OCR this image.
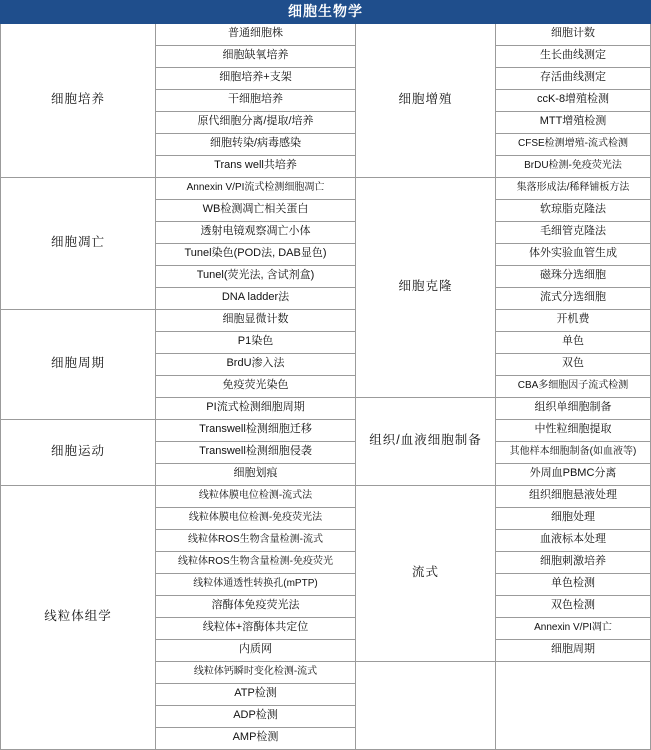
细胞生物学			
细胞培养	普通细胞株	细胞增殖	细胞计数
	细胞缺氧培养		生长曲线测定
	细胞培养+支架		存活曲线测定
	干细胞培养		ccK-8增殖检测
	原代细胞分离/提取/培养		MTT增殖检测
	细胞转染/病毒感染		CFSE检测增殖-流式检测
	Trans well共培养		BrDU检测-免疫荧光法
细胞凋亡	Annexin V/PI流式检测细胞凋亡	细胞克隆	集落形成法/稀释铺板方法
	WB检测凋亡相关蛋白		软琼脂克隆法
	透射电镜观察凋亡小体		毛细管克隆法
	Tunel染色(POD法, DAB显色)		体外实验血管生成
	Tunel(荧光法, 含试剂盒)		磁珠分选细胞
	DNA ladder法		流式分选细胞
细胞周期	细胞显微计数		开机费
	P1染色		单色
	BrdU渗入法		双色
	免疫荧光染色		CBA多细胞因子流式检测
	PI流式检测细胞周期	组织/血液细胞制备	组织单细胞制备
细胞运动	Transwell检测细胞迁移		中性粒细胞提取
	Transwell检测细胞侵袭		其他样本细胞制备(如血液等)
	细胞划痕		外周血PBMC分离
线粒体组学	线粒体膜电位检测-流式法	流式	组织细胞悬液处理
	线粒体膜电位检测-免疫荧光法		细胞处理
	线粒体ROS生物含量检测-流式		血液标本处理
	线粒体ROS生物含量检测-免疫荧光		细胞刺激培养
	线粒体通透性转换孔(mPTP)		单色检测
	溶酶体免疫荧光法		双色检测
	线粒体+溶酶体共定位		Annexin V/PI凋亡
	内质网		细胞周期
	线粒体钙瞬时变化检测-流式		
	ATP检测		
	ADP检测		
	AMP检测		
